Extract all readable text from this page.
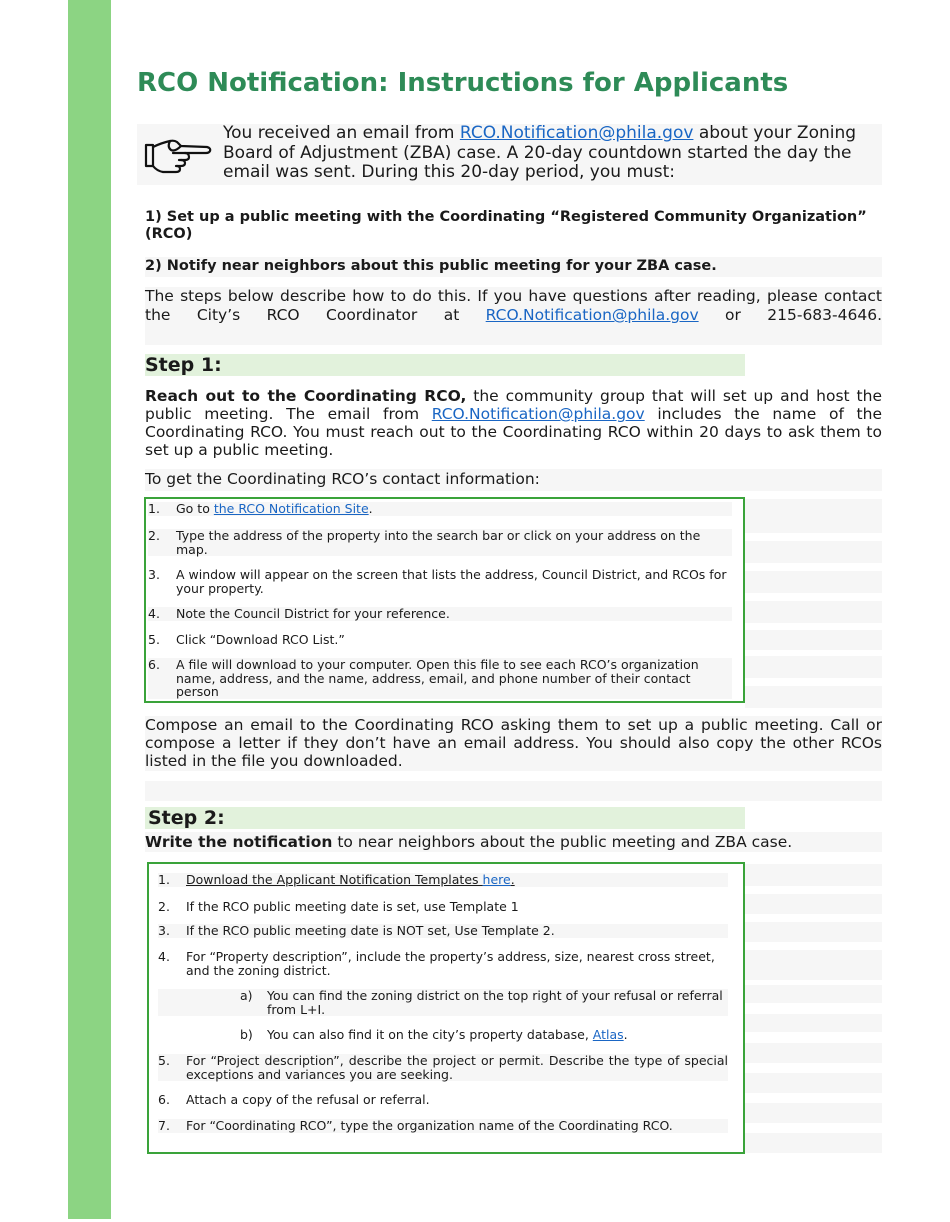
RCO Notification: Instructions for Applicants
You received an email from RCO.Notification@phila.gov about your Zoning Board of Adjustment (ZBA) case. A 20-day countdown started the day the email was sent. During this 20-day period, you must:

1) Set up a public meeting with the Coordinating “Registered Community Organization” (RCO)

2) Notify near neighbors about this public meeting for your ZBA case.

The steps below describe how to do this. If you have questions after reading, please contact the City’s RCO Coordinator at RCO.Notification@phila.gov or 215-683-4646.

Step 1:

Reach out to the Coordinating RCO, the community group that will set up and host the public meeting. The email from RCO.Notification@phila.gov includes the name of the Coordinating RCO. You must reach out to the Coordinating RCO within 20 days to ask them to set up a public meeting.

To get the Coordinating RCO’s contact information:

1.	Go to the RCO Notification Site.
2.	Type the address of the property into the search bar or click on your address on the map.
3.	A window will appear on the screen that lists the address, Council District, and RCOs for your property.
4.	Note the Council District for your reference.
5.	Click “Download RCO List.”
6.	A file will download to your computer. Open this file to see each RCO’s organization name, address, and the name, address, email, and phone number of their contact person

Compose an email to the Coordinating RCO asking them to set up a public meeting. Call or compose a letter if they don’t have an email address. You should also copy the other RCOs listed in the file you downloaded.

Step 2:

Write the notification to near neighbors about the public meeting and ZBA case.

1.	Download the Applicant Notification Templates here.
2.	If the RCO public meeting date is set, use Template 1
3.	If the RCO public meeting date is NOT set, Use Template 2.
4.	For “Property description”, include the property’s address, size, nearest cross street, and the zoning district.
a)	You can find the zoning district on the top right of your refusal or referral from L+I.
b)	You can also find it on the city’s property database, Atlas.
5.	For “Project description”, describe the project or permit. Describe the type of special exceptions and variances you are seeking.
6.	Attach a copy of the refusal or referral.
7.	For “Coordinating RCO”, type the organization name of the Coordinating RCO.
